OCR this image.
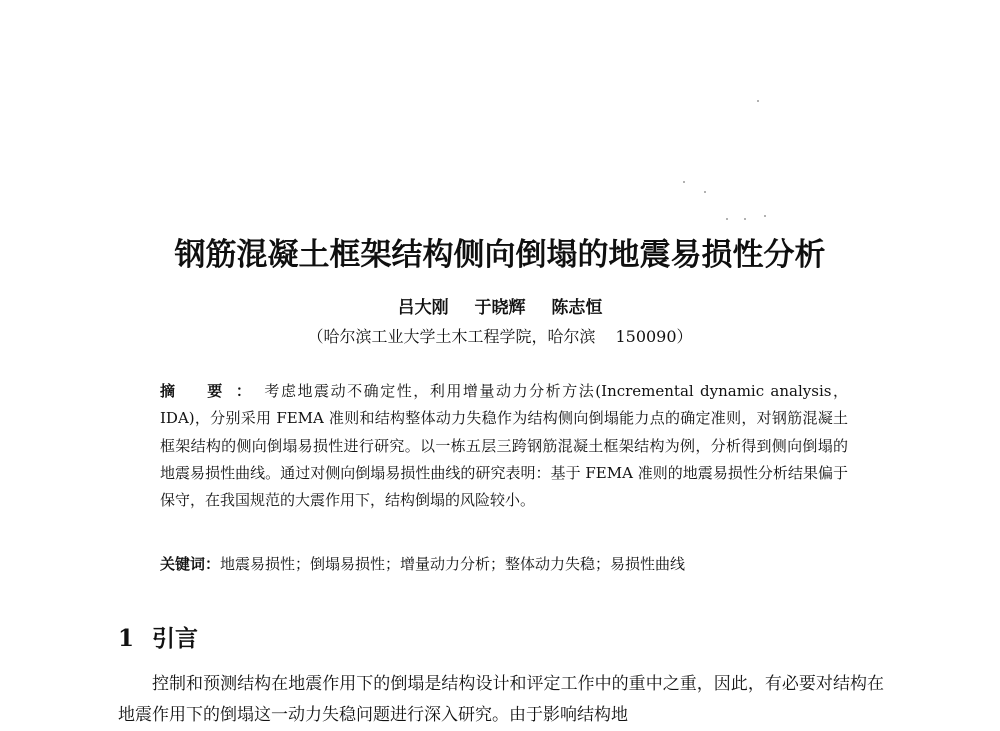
钢筋混凝土框架结构侧向倒塌的地震易损性分析
吕大刚 于晓辉 陈志恒
（哈尔滨工业大学土木工程学院，哈尔滨 150090）
摘 要：考虑地震动不确定性，利用增量动力分析方法(Incremental dynamic analysis，IDA)，分别采用 FEMA 准则和结构整体动力失稳作为结构侧向倒塌能力点的确定准则，对钢筋混凝土框架结构的侧向倒塌易损性进行研究。以一栋五层三跨钢筋混凝土框架结构为例，分析得到侧向倒塌的地震易损性曲线。通过对侧向倒塌易损性曲线的研究表明：基于 FEMA 准则的地震易损性分析结果偏于保守，在我国规范的大震作用下，结构倒塌的风险较小。
关键词：地震易损性；倒塌易损性；增量动力分析；整体动力失稳；易损性曲线
1 引言
控制和预测结构在地震作用下的倒塌是结构设计和评定工作中的重中之重，因此，有必要对结构在地震作用下的倒塌这一动力失稳问题进行深入研究。由于影响结构地
